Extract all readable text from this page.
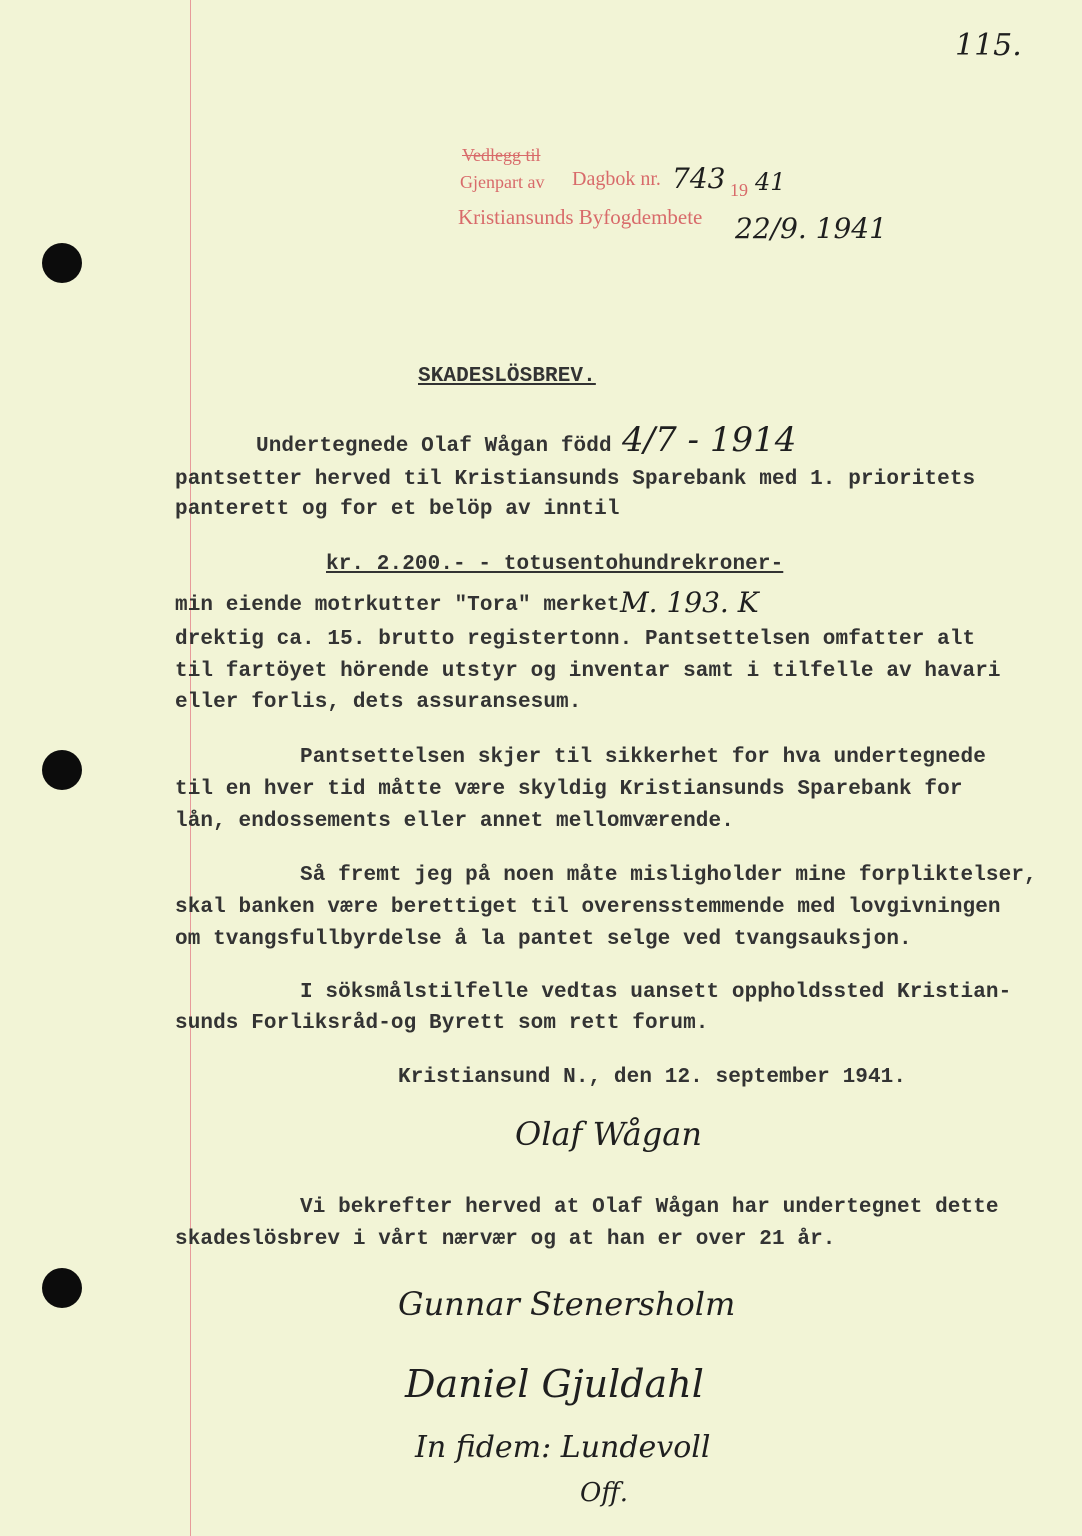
115.
Vedlegg til
Gjenpart av Dagbok nr. 743 19 41
Kristiansunds Byfogdembete 22/9. 1941
SKADESLÖSBREV.
Undertegnede Olaf Wågan född 4/7 - 1914
pantsetter herved til Kristiansunds Sparebank med 1. prioritets
panterett og for et belöp av inntil
kr. 2.200.- - totusentohundrekroner-
min eiende motrkutter "Tora" merket M. 193. K
drektig ca. 15. brutto registertonn. Pantsettelsen omfatter alt
til fartöyet hörende utstyr og inventar samt i tilfelle av havari
eller forlis, dets assuransesum.
Pantsettelsen skjer til sikkerhet for hva undertegnede
til en hver tid måtte være skyldig Kristiansunds Sparebank for
lån, endossements eller annet mellomværende.
Så fremt jeg på noen måte misligholder mine forpliktelser,
skal banken være berettiget til overensstemmende med lovgivningen
om tvangsfullbyrdelse å la pantet selge ved tvangsauksjon.
I söksmålstilfelle vedtas uansett oppholdssted Kristian-
sunds Forliksråd-og Byrett som rett forum.
Kristiansund N., den 12. september 1941.
Olaf Wågan
Vi bekrefter herved at Olaf Wågan har undertegnet dette
skadeslösbrev i vårt nærvær og at han er over 21 år.
Gunnar Stenersholm
Daniel Gjuldahl
In fidem: Lundevoll
Off.
